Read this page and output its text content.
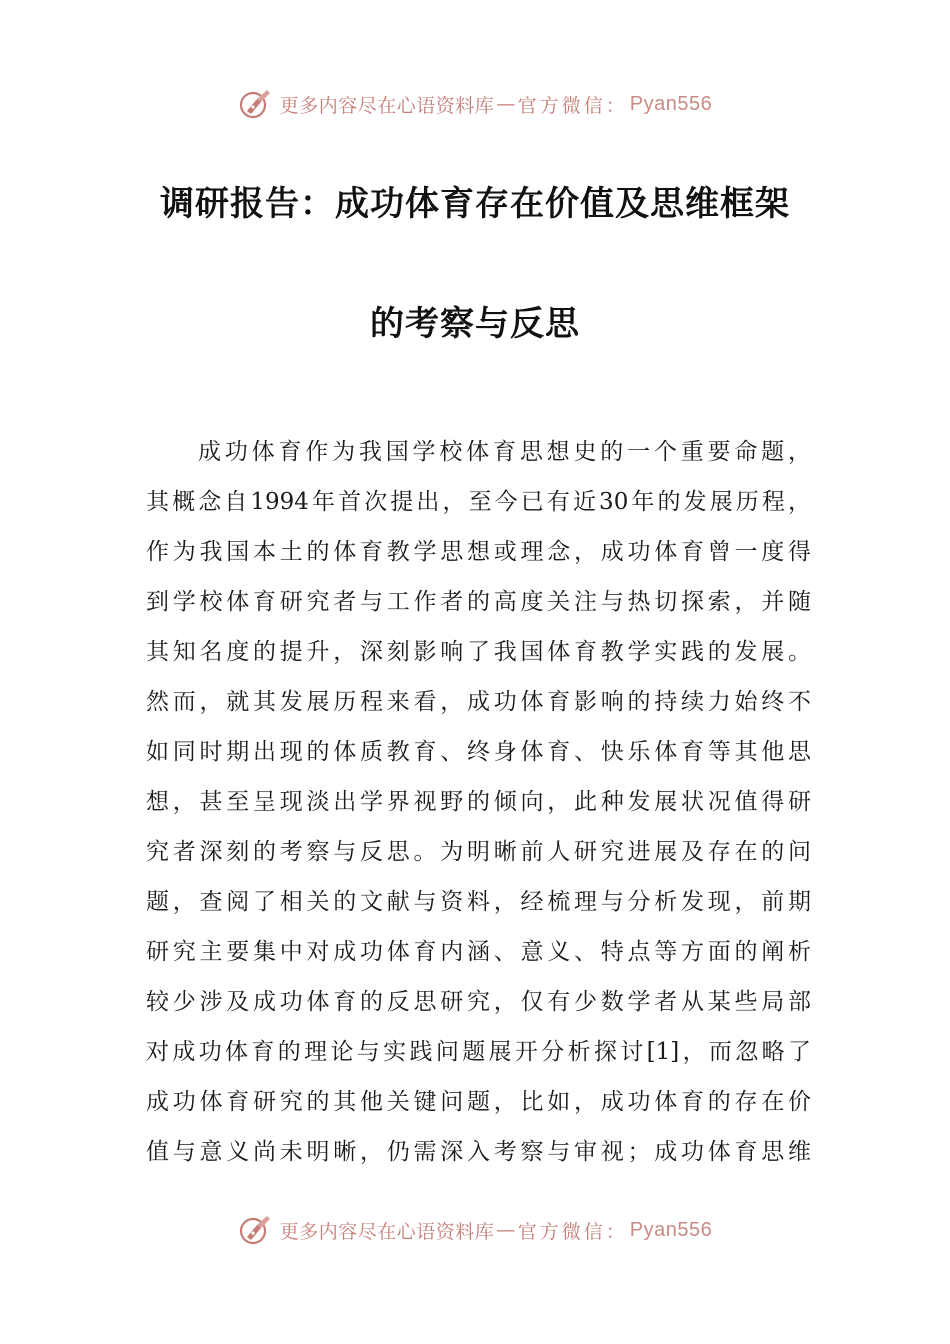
更多内容尽在心语资料库 — 官方微信： Pyan556
调研报告：成功体育存在价值及思维框架
的考察与反思
成功体育作为我国学校体育思想史的一个重要命题，
其概念自1994年首次提出，至今已有近30年的发展历程，
作为我国本土的体育教学思想或理念，成功体育曾一度得
到学校体育研究者与工作者的高度关注与热切探索，并随
其知名度的提升，深刻影响了我国体育教学实践的发展。
然而，就其发展历程来看，成功体育影响的持续力始终不
如同时期出现的体质教育、终身体育、快乐体育等其他思
想，甚至呈现淡出学界视野的倾向，此种发展状况值得研
究者深刻的考察与反思。为明晰前人研究进展及存在的问
题，查阅了相关的文献与资料，经梳理与分析发现，前期
研究主要集中对成功体育内涵、意义、特点等方面的阐析
较少涉及成功体育的反思研究，仅有少数学者从某些局部
对成功体育的理论与实践问题展开分析探讨[1]，而忽略了
成功体育研究的其他关键问题，比如，成功体育的存在价
值与意义尚未明晰，仍需深入考察与审视；成功体育思维
更多内容尽在心语资料库 — 官方微信： Pyan556
